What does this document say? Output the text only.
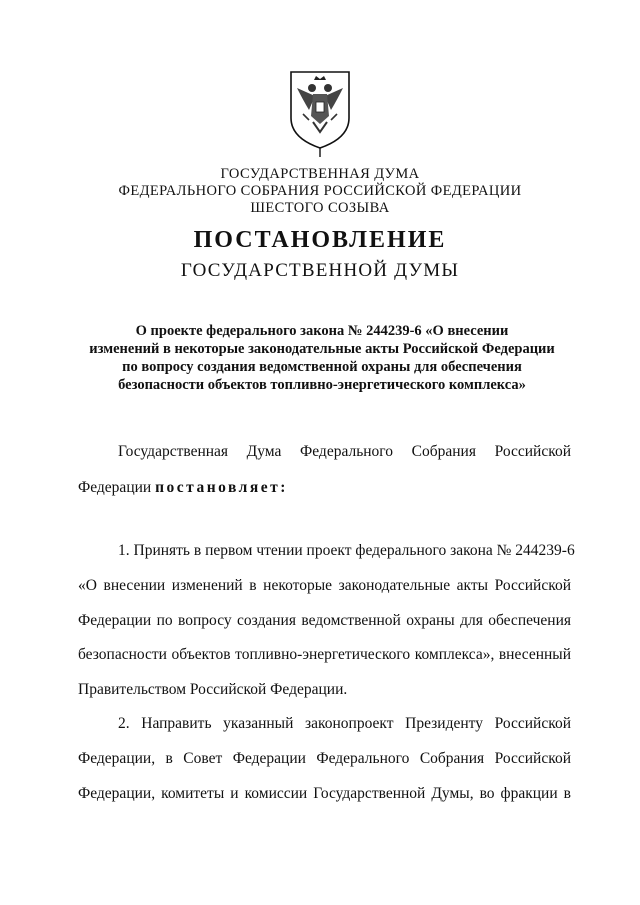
ГОСУДАРСТВЕННАЯ ДУМА
ФЕДЕРАЛЬНОГО СОБРАНИЯ РОССИЙСКОЙ ФЕДЕРАЦИИ
ШЕСТОГО СОЗЫВА
ПОСТАНОВЛЕНИЕ
ГОСУДАРСТВЕННОЙ ДУМЫ
О проекте федерального закона № 244239-6 «О внесении
изменений в некоторые законодательные акты Российской Федерации
по вопросу создания ведомственной охраны для обеспечения
безопасности объектов топливно-энергетического комплекса»
Государственная Дума Федерального Собрания Российской
Федерации постановляет:
1. Принять в первом чтении проект федерального закона № 244239-6
«О внесении изменений в некоторые законодательные акты Российской
Федерации по вопросу создания ведомственной охраны для обеспечения
безопасности объектов топливно-энергетического комплекса», внесенный
Правительством Российской Федерации.
2. Направить указанный законопроект Президенту Российской
Федерации, в Совет Федерации Федерального Собрания Российской
Федерации, комитеты и комиссии Государственной Думы, во фракции в
